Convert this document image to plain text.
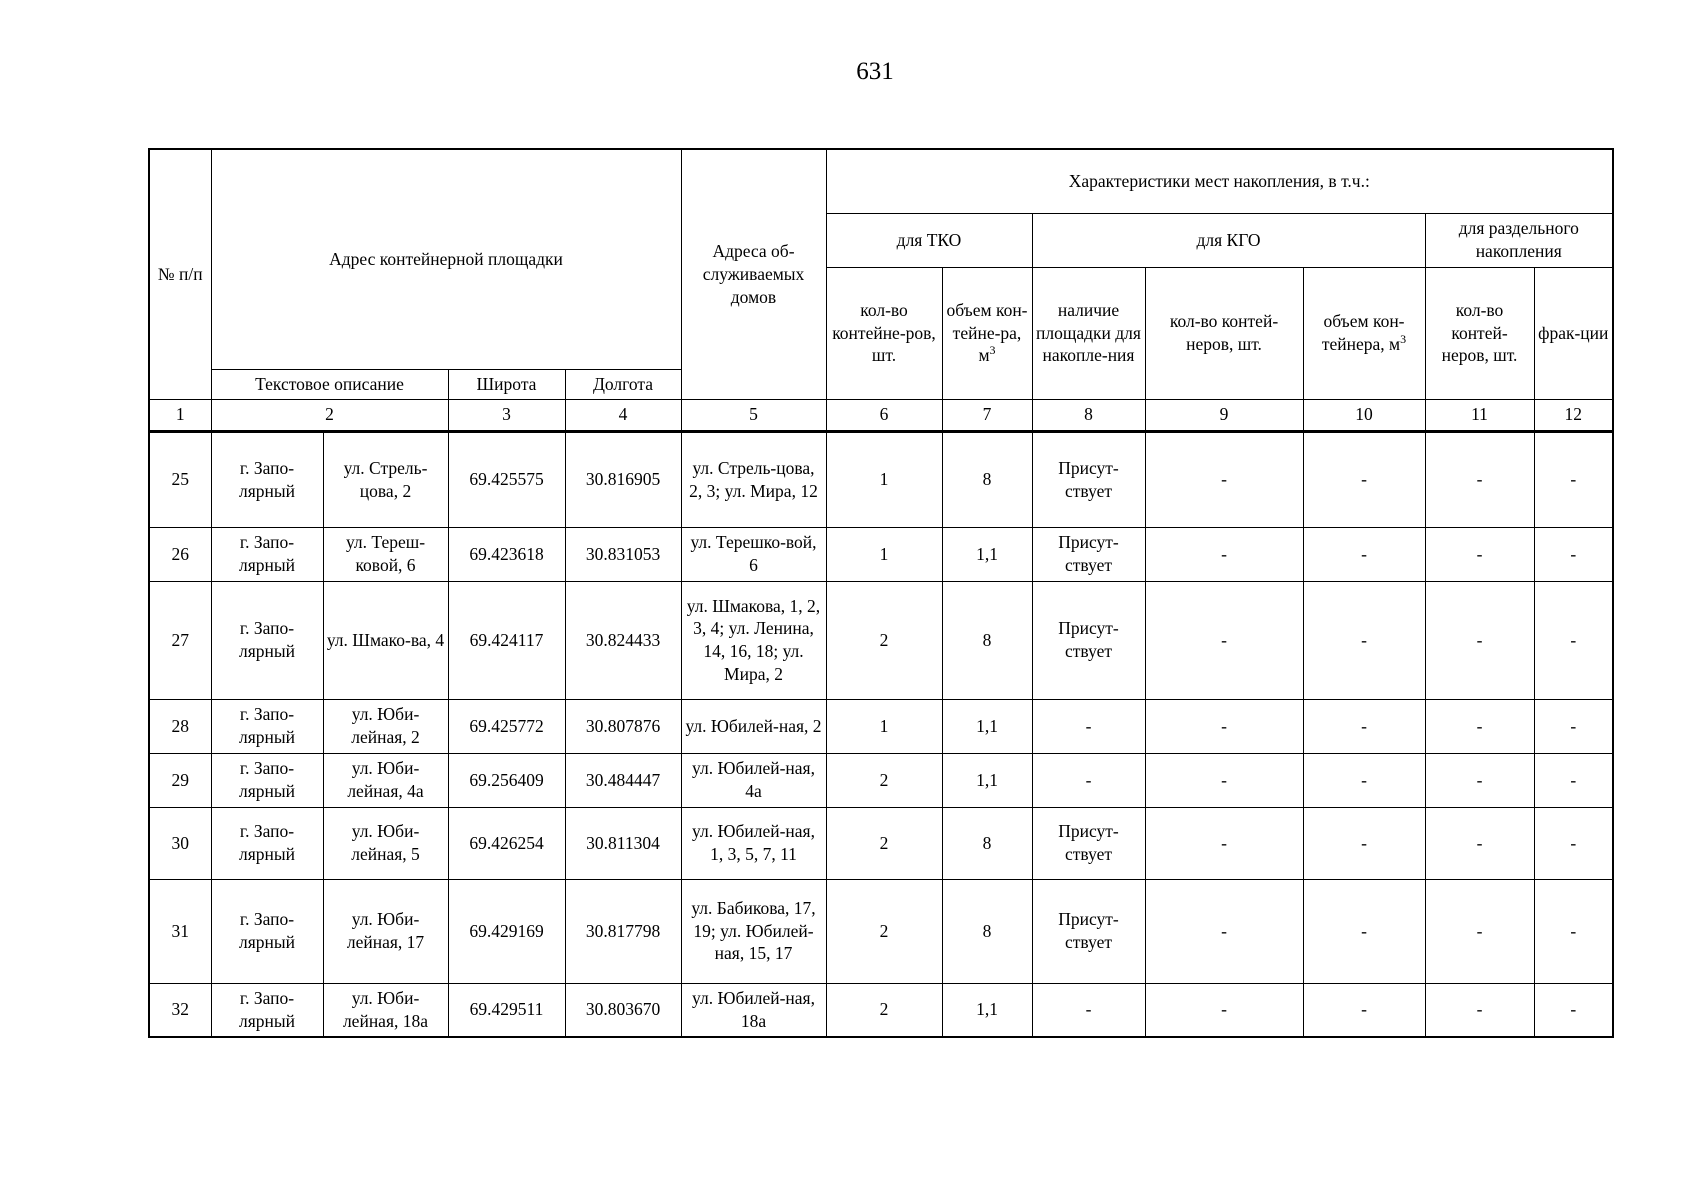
631
№ п/п	Адрес контейнерной площадки				Адреса об-служиваемых домов	Характеристики мест накопления, в т.ч.:						
						для ТКО		для КГО			для раздельного накопления	
						кол-во контейне-ров, шт.	объем кон-тейне-ра, $м^3$	наличие площадки для накопле-ния	кол-во контей-неров, шт.	объем кон-тейнера, $м^3$	кол-во контей-неров, шт.	фрак-ции
	Текстовое описание		Широта	Долгота								
1	2		3	4	5	6	7	8	9	10	11	12
25	г. Запо-лярный	ул. Стрель-цова, 2	69.425575	30.816905	ул. Стрель-цова, 2, 3; ул. Мира, 12	1	8	Присут-ствует	-	-	-	-
26	г. Запо-лярный	ул. Тереш-ковой, 6	69.423618	30.831053	ул. Терешко-вой, 6	1	1,1	Присут-ствует	-	-	-	-
27	г. Запо-лярный	ул. Шмако-ва, 4	69.424117	30.824433	ул. Шмакова, 1, 2, 3, 4; ул. Ленина, 14, 16, 18; ул. Мира, 2	2	8	Присут-ствует	-	-	-	-
28	г. Запо-лярный	ул. Юби-лейная, 2	69.425772	30.807876	ул. Юбилей-ная, 2	1	1,1	-	-	-	-	-
29	г. Запо-лярный	ул. Юби-лейная, 4а	69.256409	30.484447	ул. Юбилей-ная, 4а	2	1,1	-	-	-	-	-
30	г. Запо-лярный	ул. Юби-лейная, 5	69.426254	30.811304	ул. Юбилей-ная, 1, 3, 5, 7, 11	2	8	Присут-ствует	-	-	-	-
31	г. Запо-лярный	ул. Юби-лейная, 17	69.429169	30.817798	ул. Бабикова, 17, 19; ул. Юбилей-ная, 15, 17	2	8	Присут-ствует	-	-	-	-
32	г. Запо-лярный	ул. Юби-лейная, 18а	69.429511	30.803670	ул. Юбилей-ная, 18а	2	1,1	-	-	-	-	-
